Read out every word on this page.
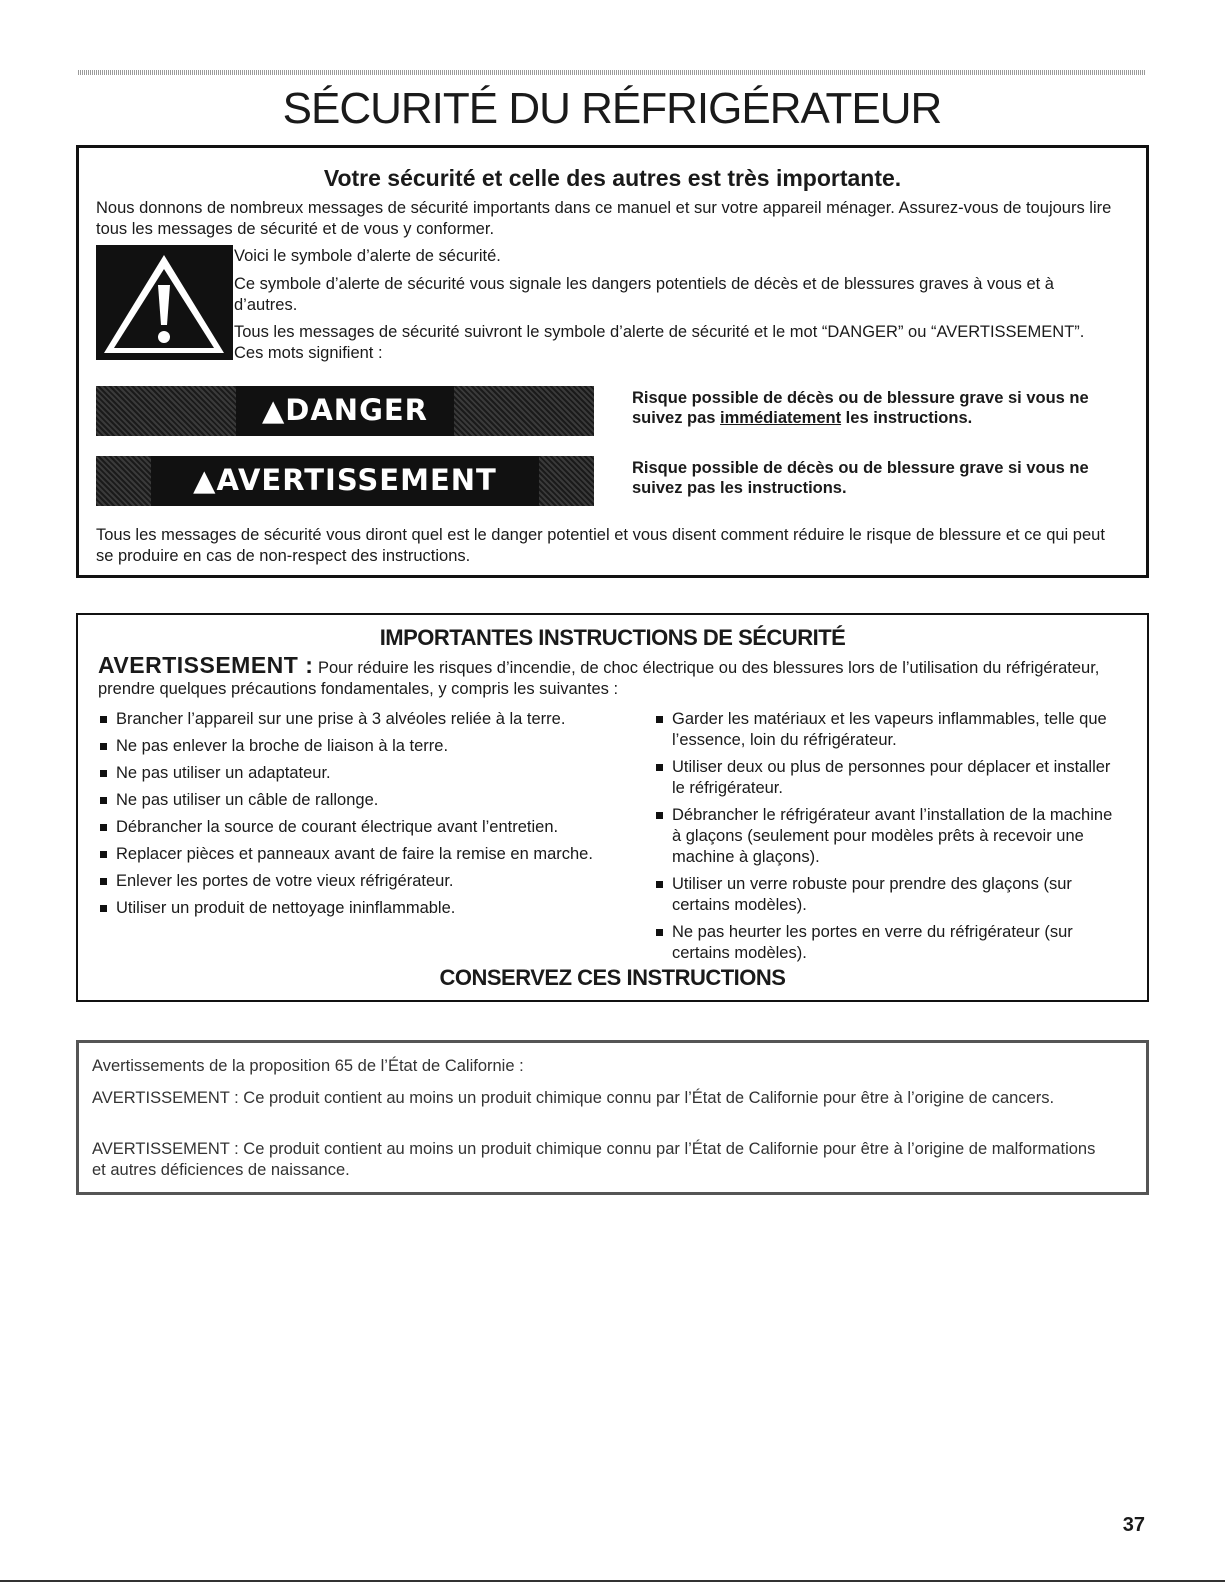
SÉCURITÉ DU RÉFRIGÉRATEUR
Votre sécurité et celle des autres est très importante.
Nous donnons de nombreux messages de sécurité importants dans ce manuel et sur votre appareil ménager. Assurez-vous de toujours lire tous les messages de sécurité et de vous y conformer.
Voici le symbole d’alerte de sécurité.
Ce symbole d’alerte de sécurité vous signale les dangers potentiels de décès et de blessures graves à vous et à d’autres.
Tous les messages de sécurité suivront le symbole d’alerte de sécurité et le mot “DANGER” ou “AVERTISSEMENT”. Ces mots signifient :
▲DANGER	Risque possible de décès ou de blessure grave si vous ne suivez pas immédiatement les instructions.
▲AVERTISSEMENT	Risque possible de décès ou de blessure grave si vous ne suivez pas les instructions.
Tous les messages de sécurité vous diront quel est le danger potentiel et vous disent comment réduire le risque de blessure et ce qui peut se produire en cas de non-respect des instructions.
IMPORTANTES INSTRUCTIONS DE SÉCURITÉ
AVERTISSEMENT : Pour réduire les risques d’incendie, de choc électrique ou des blessures lors de l’utilisation du réfrigérateur, prendre quelques précautions fondamentales, y compris les suivantes :
Brancher l’appareil sur une prise à 3 alvéoles reliée à la terre.
Ne pas enlever la broche de liaison à la terre.
Ne pas utiliser un adaptateur.
Ne pas utiliser un câble de rallonge.
Débrancher la source de courant électrique avant l’entretien.
Replacer pièces et panneaux avant de faire la remise en marche.
Enlever les portes de votre vieux réfrigérateur.
Utiliser un produit de nettoyage ininflammable.
Garder les matériaux et les vapeurs inflammables, telle que l’essence, loin du réfrigérateur.
Utiliser deux ou plus de personnes pour déplacer et installer le réfrigérateur.
Débrancher le réfrigérateur avant l’installation de la machine à glaçons (seulement pour modèles prêts à recevoir une machine à glaçons).
Utiliser un verre robuste pour prendre des glaçons (sur certains modèles).
Ne pas heurter les portes en verre du réfrigérateur (sur certains modèles).
CONSERVEZ CES INSTRUCTIONS
Avertissements de la proposition 65 de l’État de Californie :
AVERTISSEMENT : Ce produit contient au moins un produit chimique connu par l’État de Californie pour être à l’origine de cancers.
AVERTISSEMENT : Ce produit contient au moins un produit chimique connu par l’État de Californie pour être à l’origine de malformations et autres déficiences de naissance.
37
